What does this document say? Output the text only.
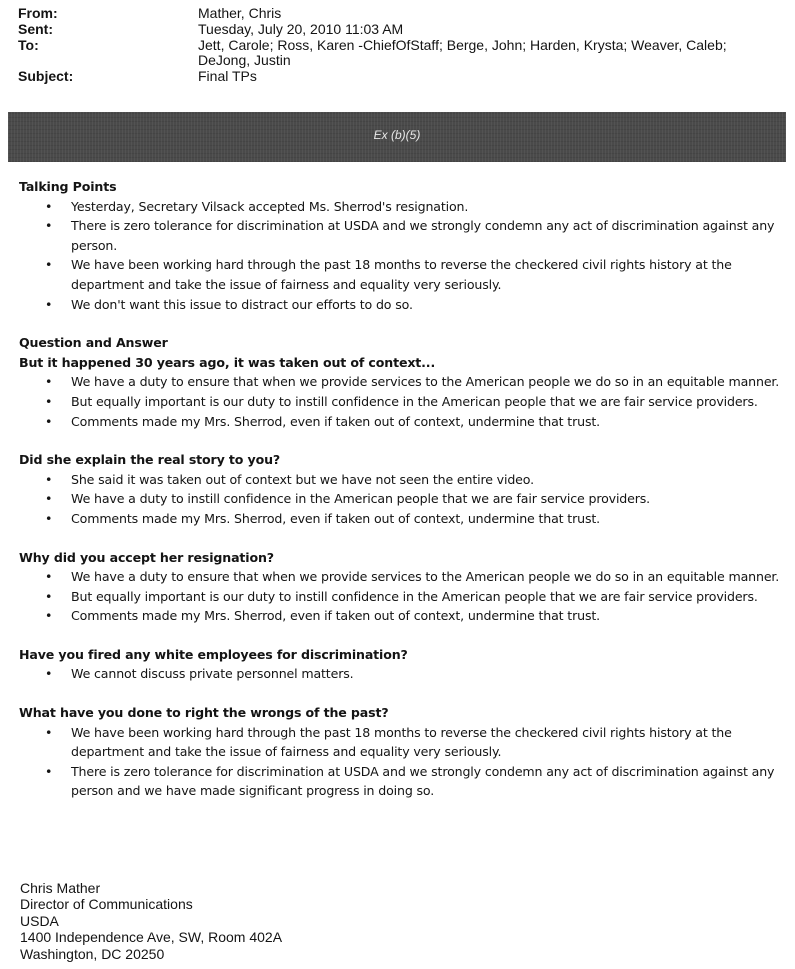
From:	Mather, Chris
Sent:	Tuesday, July 20, 2010 11:03 AM
To:	Jett, Carole; Ross, Karen -ChiefOfStaff; Berge, John; Harden, Krysta; Weaver, Caleb;
DeJong, Justin
Subject:	Final TPs
Ex (b)(5)
Talking Points
• Yesterday, Secretary Vilsack accepted Ms. Sherrod's resignation.
• There is zero tolerance for discrimination at USDA and we strongly condemn any act of discrimination against any person.
• We have been working hard through the past 18 months to reverse the checkered civil rights history at the department and take the issue of fairness and equality very seriously.
• We don't want this issue to distract our efforts to do so.
Question and Answer
But it happened 30 years ago, it was taken out of context...
• We have a duty to ensure that when we provide services to the American people we do so in an equitable manner.
• But equally important is our duty to instill confidence in the American people that we are fair service providers.
• Comments made my Mrs. Sherrod, even if taken out of context, undermine that trust.
Did she explain the real story to you?
• She said it was taken out of context but we have not seen the entire video.
• We have a duty to instill confidence in the American people that we are fair service providers.
• Comments made my Mrs. Sherrod, even if taken out of context, undermine that trust.
Why did you accept her resignation?
• We have a duty to ensure that when we provide services to the American people we do so in an equitable manner.
• But equally important is our duty to instill confidence in the American people that we are fair service providers.
• Comments made my Mrs. Sherrod, even if taken out of context, undermine that trust.
Have you fired any white employees for discrimination?
• We cannot discuss private personnel matters.
What have you done to right the wrongs of the past?
• We have been working hard through the past 18 months to reverse the checkered civil rights history at the department and take the issue of fairness and equality very seriously.
• There is zero tolerance for discrimination at USDA and we strongly condemn any act of discrimination against any person and we have made significant progress in doing so.
Chris Mather
Director of Communications
USDA
1400 Independence Ave, SW, Room 402A
Washington, DC 20250
